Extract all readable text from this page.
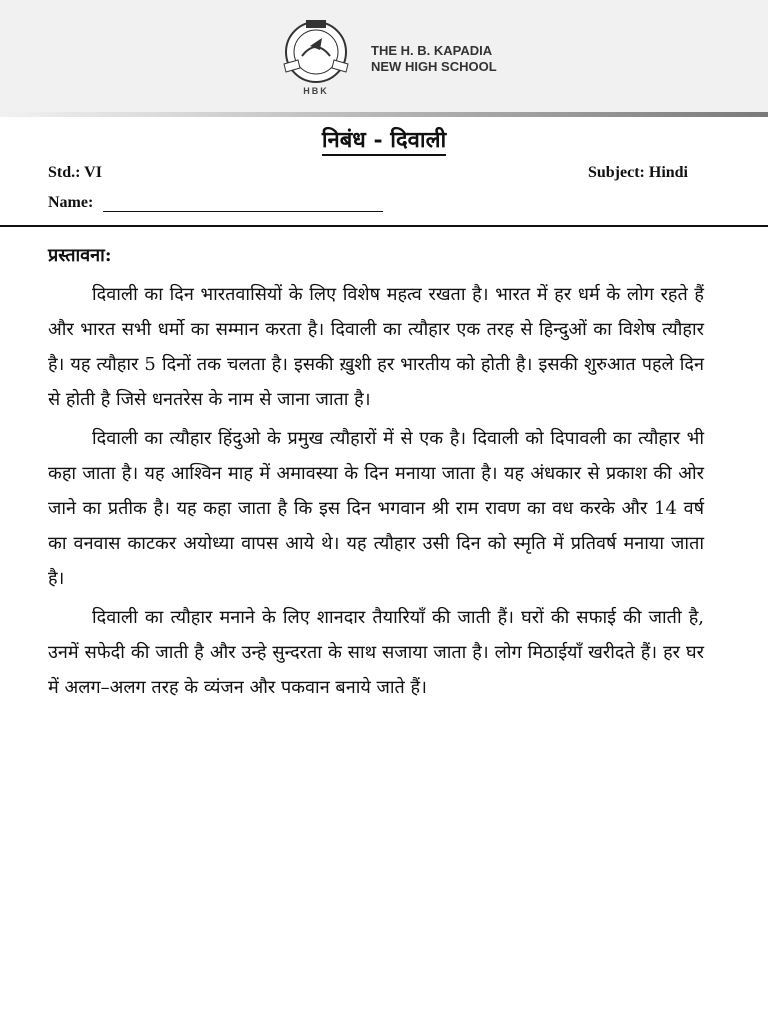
HBK
THE H. B. KAPADIA
NEW HIGH SCHOOL
निबंध - दिवाली
Std.: VI	Subject: Hindi
Name:
प्रस्तावना:

दिवाली का दिन भारतवासियों के लिए विशेष महत्व रखता है। भारत में हर धर्म के लोग रहते हैं और भारत सभी धर्मो का सम्मान करता है। दिवाली का त्यौहार एक तरह से हिन्दुओं का विशेष त्यौहार है। यह त्यौहार 5 दिनों तक चलता है। इसकी ख़ुशी हर भारतीय को होती है। इसकी शुरुआत पहले दिन से होती है जिसे धनतरेस के नाम से जाना जाता है।

दिवाली का त्यौहार हिंदुओ के प्रमुख त्यौहारों में से एक है। दिवाली को दिपावली का त्यौहार भी कहा जाता है। यह आश्विन माह में अमावस्या के दिन मनाया जाता है। यह अंधकार से प्रकाश की ओर जाने का प्रतीक है। यह कहा जाता है कि इस दिन भगवान श्री राम रावण का वध करके और 14 वर्ष का वनवास काटकर अयोध्या वापस आये थे। यह त्यौहार उसी दिन को स्मृति में प्रतिवर्ष मनाया जाता है।

दिवाली का त्यौहार मनाने के लिए शानदार तैयारियाँ की जाती हैं। घरों की सफाई की जाती है, उनमें सफेदी की जाती है और उन्हे सुन्दरता के साथ सजाया जाता है। लोग मिठाईयाँ खरीदते हैं। हर घर में अलग–अलग तरह के व्यंजन और पकवान बनाये जाते हैं।
